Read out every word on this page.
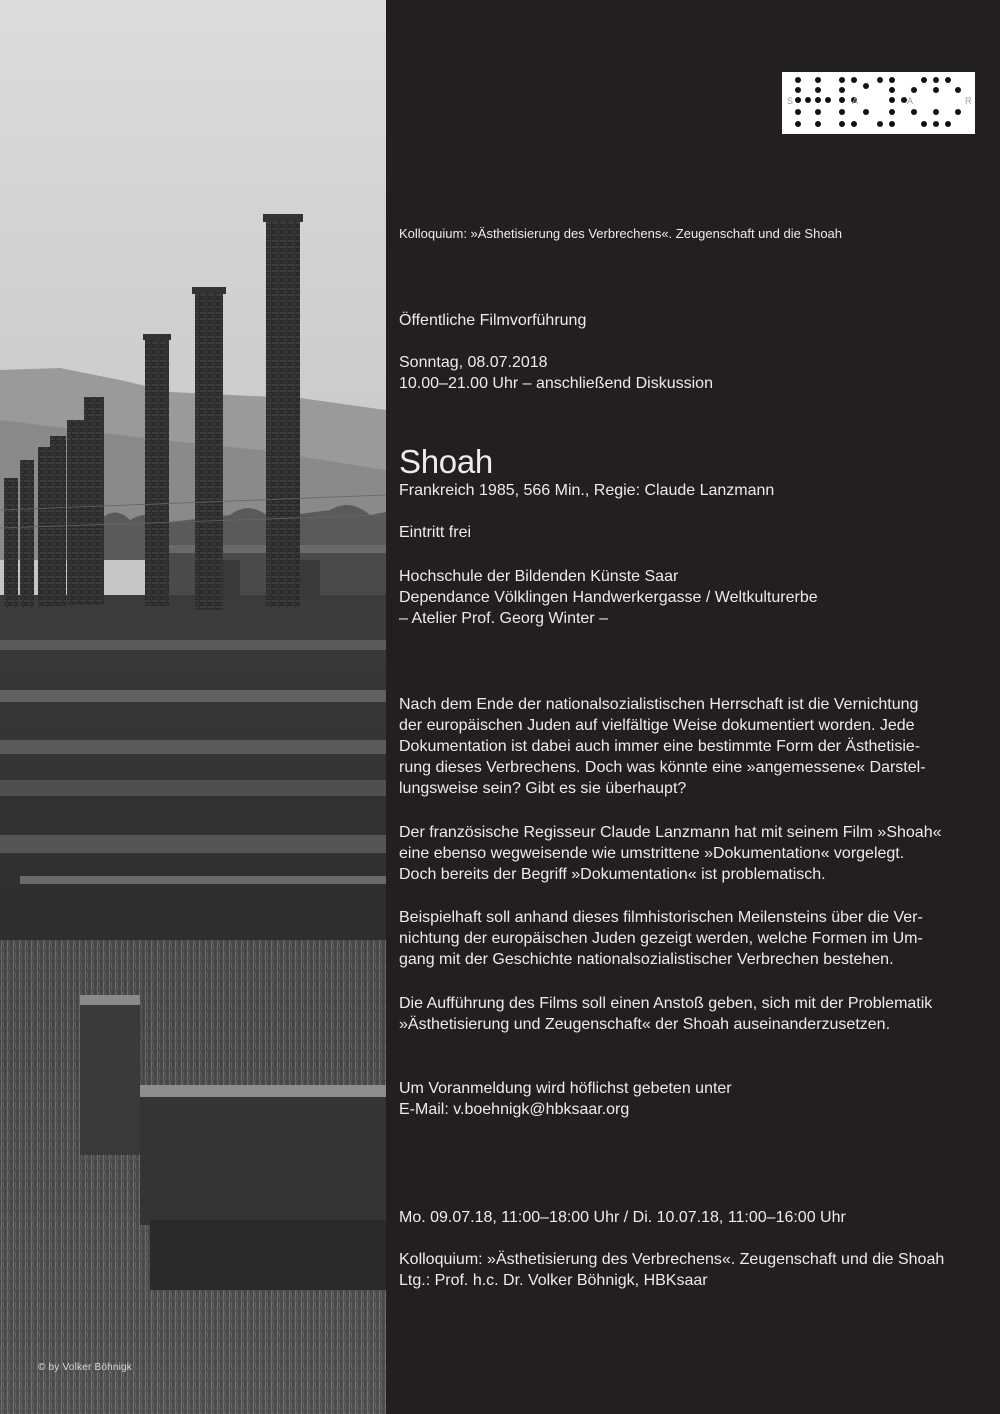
© by Volker Böhnigk
S	A	A	R
Kolloquium: »Ästhetisierung des Verbrechens«. Zeugenschaft und die Shoah
Öffentliche Filmvorführung
Sonntag, 08.07.2018
10.00–21.00 Uhr – anschließend Diskussion
Shoah
Frankreich 1985, 566 Min., Regie: Claude Lanzmann
Eintritt frei
Hochschule der Bildenden Künste Saar
Dependance Völklingen Handwerkergasse / Weltkulturerbe
– Atelier Prof. Georg Winter –
Nach dem Ende der nationalsozialistischen Herrschaft ist die Vernichtung
der europäischen Juden auf vielfältige Weise dokumentiert worden. Jede
Dokumentation ist dabei auch immer eine bestimmte Form der Ästhetisie-
rung dieses Verbrechens. Doch was könnte eine »angemessene« Darstel-
lungsweise sein? Gibt es sie überhaupt?
Der französische Regisseur Claude Lanzmann hat mit seinem Film »Shoah«
eine ebenso wegweisende wie umstrittene »Dokumentation« vorgelegt.
Doch bereits der Begriff »Dokumentation« ist problematisch.
Beispielhaft soll anhand dieses filmhistorischen Meilensteins über die Ver-
nichtung der europäischen Juden gezeigt werden, welche Formen im Um-
gang mit der Geschichte nationalsozialistischer Verbrechen bestehen.
Die Aufführung des Films soll einen Anstoß geben, sich mit der Problematik
»Ästhetisierung und Zeugenschaft« der Shoah auseinanderzusetzen.
Um Voranmeldung wird höflichst gebeten unter
E-Mail: v.boehnigk@hbksaar.org
Mo. 09.07.18, 11:00–18:00 Uhr / Di. 10.07.18, 11:00–16:00 Uhr
Kolloquium: »Ästhetisierung des Verbrechens«. Zeugenschaft und die Shoah
Ltg.: Prof. h.c. Dr. Volker Böhnigk, HBKsaar
